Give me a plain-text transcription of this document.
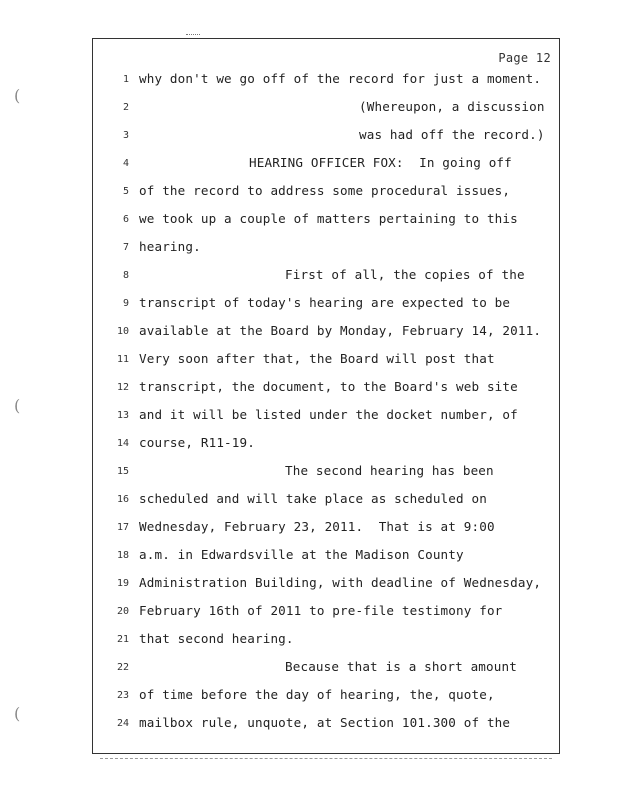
(
(
(
Page 12
1 why don't we go off of the record for just a moment.
2	(Whereupon, a discussion
3	was had off the record.)
4	HEARING OFFICER FOX:  In going off
5 of the record to address some procedural issues,
6 we took up a couple of matters pertaining to this
7 hearing.
8	First of all, the copies of the
9 transcript of today's hearing are expected to be
10 available at the Board by Monday, February 14, 2011.
11 Very soon after that, the Board will post that
12 transcript, the document, to the Board's web site
13 and it will be listed under the docket number, of
14 course, R11-19.
15	The second hearing has been
16 scheduled and will take place as scheduled on
17 Wednesday, February 23, 2011.  That is at 9:00
18 a.m. in Edwardsville at the Madison County
19 Administration Building, with deadline of Wednesday,
20 February 16th of 2011 to pre-file testimony for
21 that second hearing.
22	Because that is a short amount
23 of time before the day of hearing, the, quote,
24 mailbox rule, unquote, at Section 101.300 of the
